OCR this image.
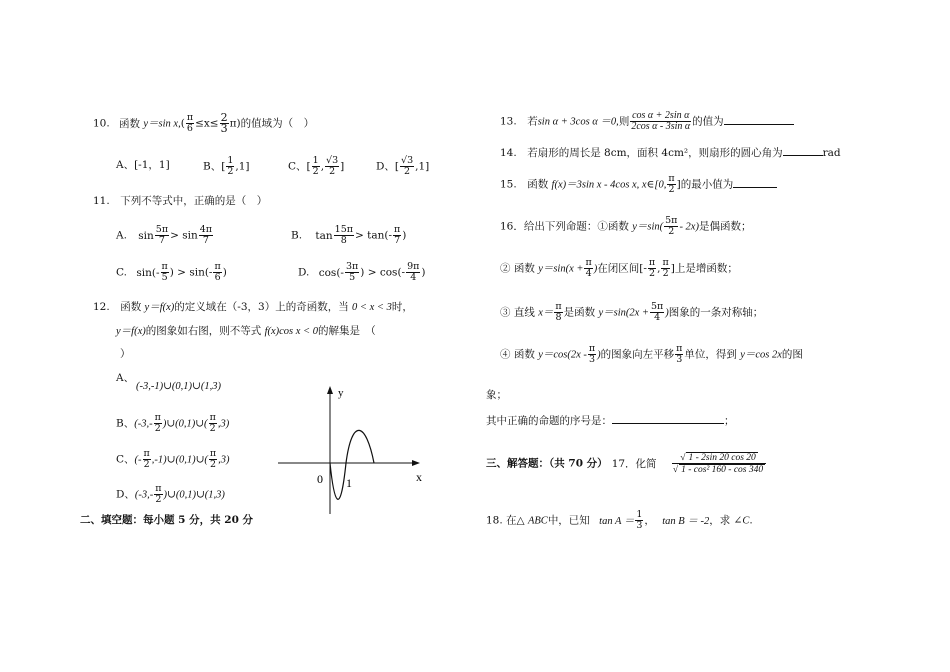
10. 函数 y＝sin $x,( \frac{\pi}{6} \le x\le \frac{2}{3} \pi)$的值域为（　）
A、[-1，1]	B、[ $\frac{1}{2} ,1$]	C、[ $\frac{1}{2}$ , $\frac{√3}{2}$ ]	D、[ $\frac{√3}{2} ,1$]
11.　下列不等式中，正确的是（　）
A. $\sin \frac{5\pi}{7} > \sin \frac{4\pi}{7}$	B. $\tan \frac{15\pi}{8} > \tan(- \frac{\pi}{7}$ )
C. $\sin(- \frac{\pi}{5}$ ) > $\sin(- \frac{\pi}{6}$ )	D. $\cos(- \frac{3\pi}{5}$ ) > $\cos(- \frac{9\pi}{4}$ )
12.　函数 y＝f(x)的定义域在（-3，3）上的奇函数，当 0 < x < 3时，
y＝f(x)的图象如右图，则不等式 f(x)cos x < 0的解集是　（
）
A、
(-3,-1)∪(0,1)∪(1,3)
B、($-3,- \frac{\pi}{2}$ )∪(0,1)∪( $\frac{\pi}{2} ,3$)
C、(- $\frac{\pi}{2}$ ,-1)∪(0,1)∪( $\frac{\pi}{2} ,3$)
D、($-3,- \frac{\pi}{2}$ )∪(0,1)∪(1,3)
y
x
0 1
二、填空题：每小题 5 分，共 20 分
13.　若sin α + 3cos α ＝0,则 $\frac{\text{cos α + 2sin α}}{\text{2cos α - 3sin α}}$ 的值为
14.　若扇形的周长是 8cm，面积 4cm²，则扇形的圆心角为	rad
15.　函数 f(x)＝3sin x - 4cos x, x∈[0, $\frac{\pi}{2}$ ]的最小值为
16．给出下列命题：①函数 $y=\sin( \frac{5\pi}{2} - 2x)$是偶函数；
② 函数 $y=\sin(x + \frac{\pi}{4}$ )在闭区间[- $\frac{\pi}{2}$ , $\frac{\pi}{2}$ ]上是增函数；
③ 直线 $x= \frac{\pi}{8}$ 是函数 $y=\sin(2x + \frac{5\pi}{4}$ )图象的一条对称轴；
④ 函数 $y=\cos(2x - \frac{\pi}{3}$ )的图象向左平移 $\frac{\pi}{3}$ 单位，得到 y＝cos 2x的图
象；
其中正确的命题的序号是：	；
三、解答题：（共 70 分） 17．化简 $\frac{√ 1 - 2\sin 20 \cos 20}{\text{√ 1 - cos² 160 - cos 340}}$
18. 在△ ABC中，已知 $\tan A = \frac{1}{3}$ ， tan B ＝ -2，求 ∠C.
